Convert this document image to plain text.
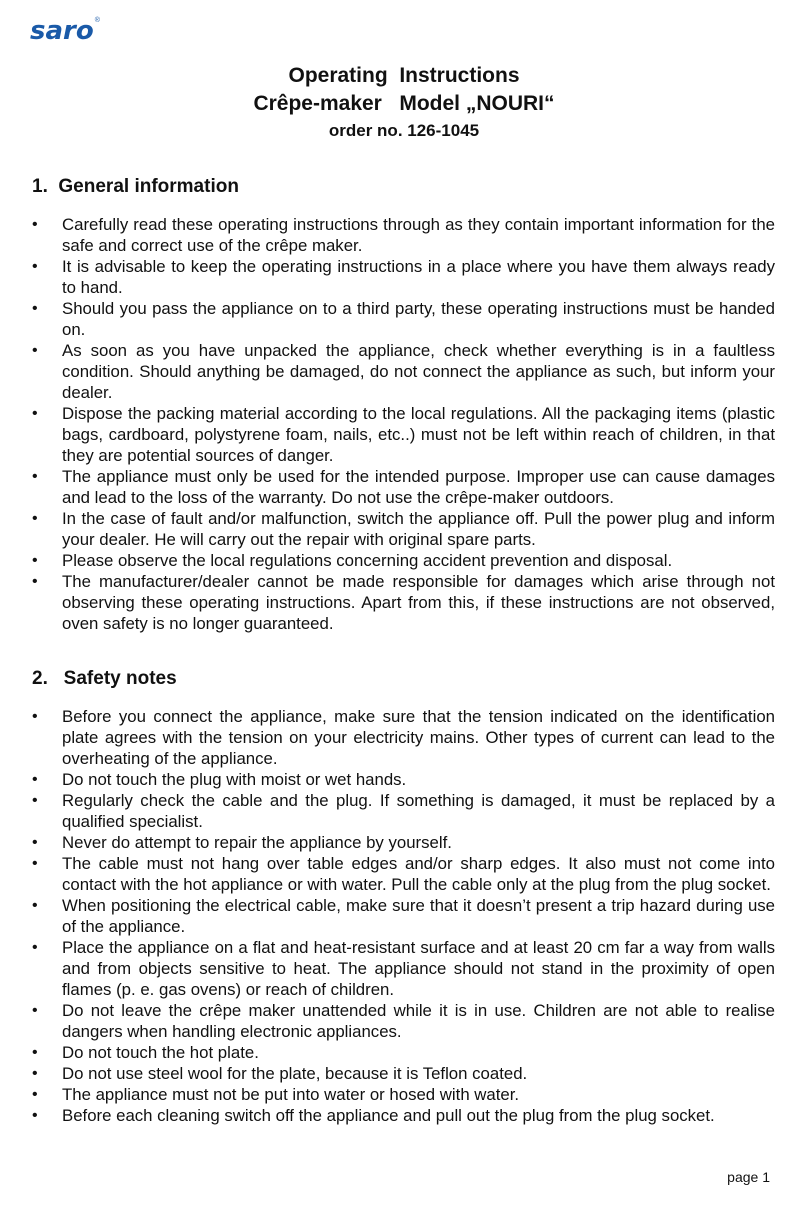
saro ®
Operating  Instructions
Crêpe-maker   Model „NOURI“
order no. 126-1045
1.  General information
• Carefully read these operating instructions through as they contain important information for the safe and correct use of the crêpe maker.
• It is advisable to keep the operating instructions in a place where you have them always ready to hand.
• Should you pass the appliance on to a third party, these operating instructions must be handed on.
• As soon as you have unpacked the appliance, check whether everything is in a faultless condition. Should anything be damaged, do not connect the appliance as such, but inform your dealer.
• Dispose the packing material according to the local regulations. All the packaging items (plastic bags, cardboard, polystyrene foam, nails, etc..) must not be left within reach of children, in that they are potential sources of danger.
• The appliance must only be used for the intended purpose. Improper use can cause damages and lead to the loss of the warranty. Do not use the crêpe-maker outdoors.
• In the case of fault and/or malfunction, switch the appliance off. Pull the power plug and inform your dealer. He will carry out the repair with original spare parts.
• Please observe the local regulations concerning accident prevention and disposal.
• The manufacturer/dealer cannot be made responsible for damages which arise through not observing these operating instructions. Apart from this, if these instructions are not observed, oven safety is no longer guaranteed.
2.   Safety notes
• Before you connect the appliance, make sure that the tension indicated on the identification plate agrees with the tension on your electricity mains. Other types of current can lead to the overheating of the appliance.
• Do not touch the plug with moist or wet hands.
• Regularly check the cable and the plug. If something is damaged, it must be replaced by a qualified specialist.
• Never do attempt to repair the appliance by yourself.
• The cable must not hang over table edges and/or sharp edges. It also must not come into contact with the hot appliance or with water. Pull the cable only at the plug from the plug socket.
• When positioning the electrical cable, make sure that it doesn’t present a trip hazard during use of the appliance.
• Place the appliance on a flat and heat-resistant surface and at least 20 cm far a way from walls and from objects sensitive to heat. The appliance should not stand in the proximity of open flames (p. e. gas ovens) or reach of children.
• Do not leave the crêpe maker unattended while it is in use. Children are not able to realise dangers when handling electronic appliances.
• Do not touch the hot plate.
• Do not use steel wool for the plate, because it is Teflon coated.
• The appliance must not be put into water or hosed with water.
• Before each cleaning switch off the appliance and pull out the plug from the plug socket.
page 1
